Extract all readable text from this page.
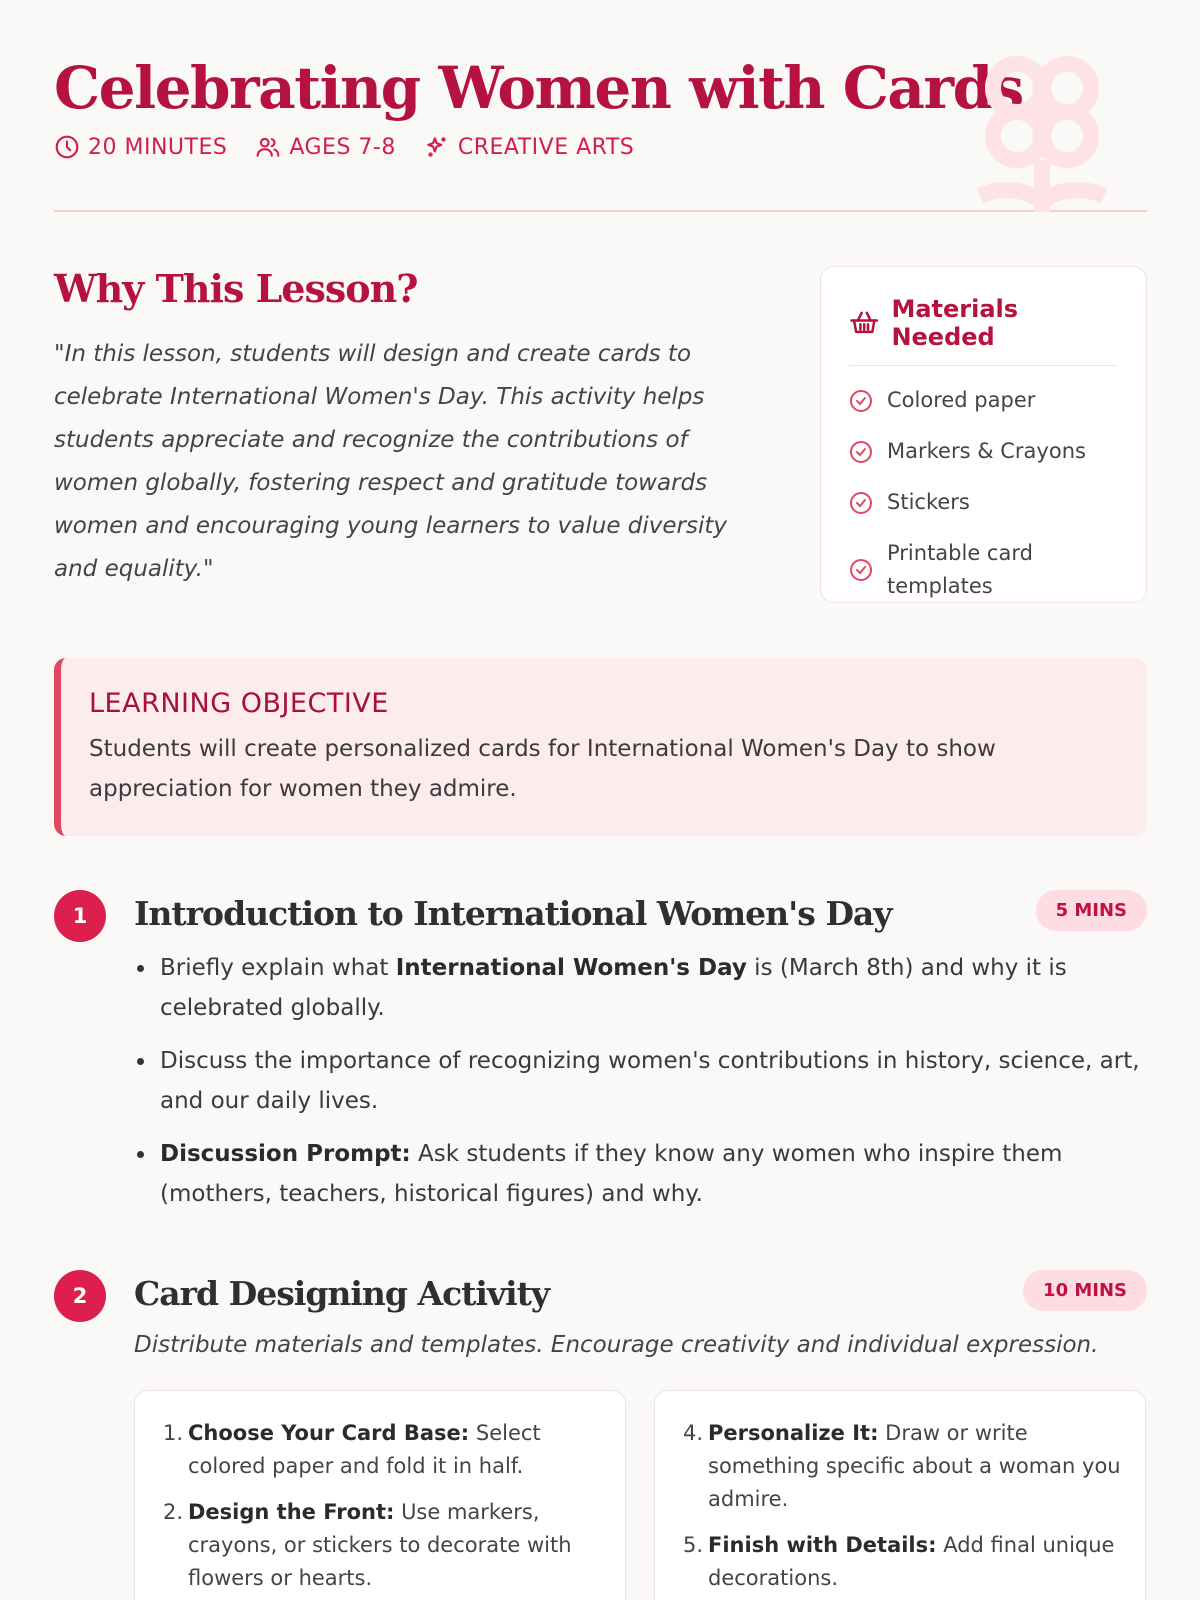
Celebrating Women with Cards
20 MINUTES	AGES 7-8	CREATIVE ARTS
Why This Lesson?

"In this lesson, students will design and create cards to celebrate International Women's Day. This activity helps students appreciate and recognize the contributions of women globally, fostering respect and gratitude towards women and encouraging young learners to value diversity and equality."

Materials Needed
Colored paper
Markers & Crayons
Stickers
Printable card templates
LEARNING OBJECTIVE

Students will create personalized cards for International Women's Day to show appreciation for women they admire.

1	Introduction to International Women's Day	5 MINS
Briefly explain what International Women's Day is (March 8th) and why it is celebrated globally.
Discuss the importance of recognizing women's contributions in history, science, art, and our daily lives.
Discussion Prompt: Ask students if they know any women who inspire them (mothers, teachers, historical figures) and why.
2	Card Designing Activity	10 MINS
Distribute materials and templates. Encourage creativity and individual expression.
1. Choose Your Card Base: Select colored paper and fold it in half.
2. Design the Front: Use markers, crayons, or stickers to decorate with flowers or hearts.
4. Personalize It: Draw or write something specific about a woman you admire.
5. Finish with Details: Add final unique decorations.
